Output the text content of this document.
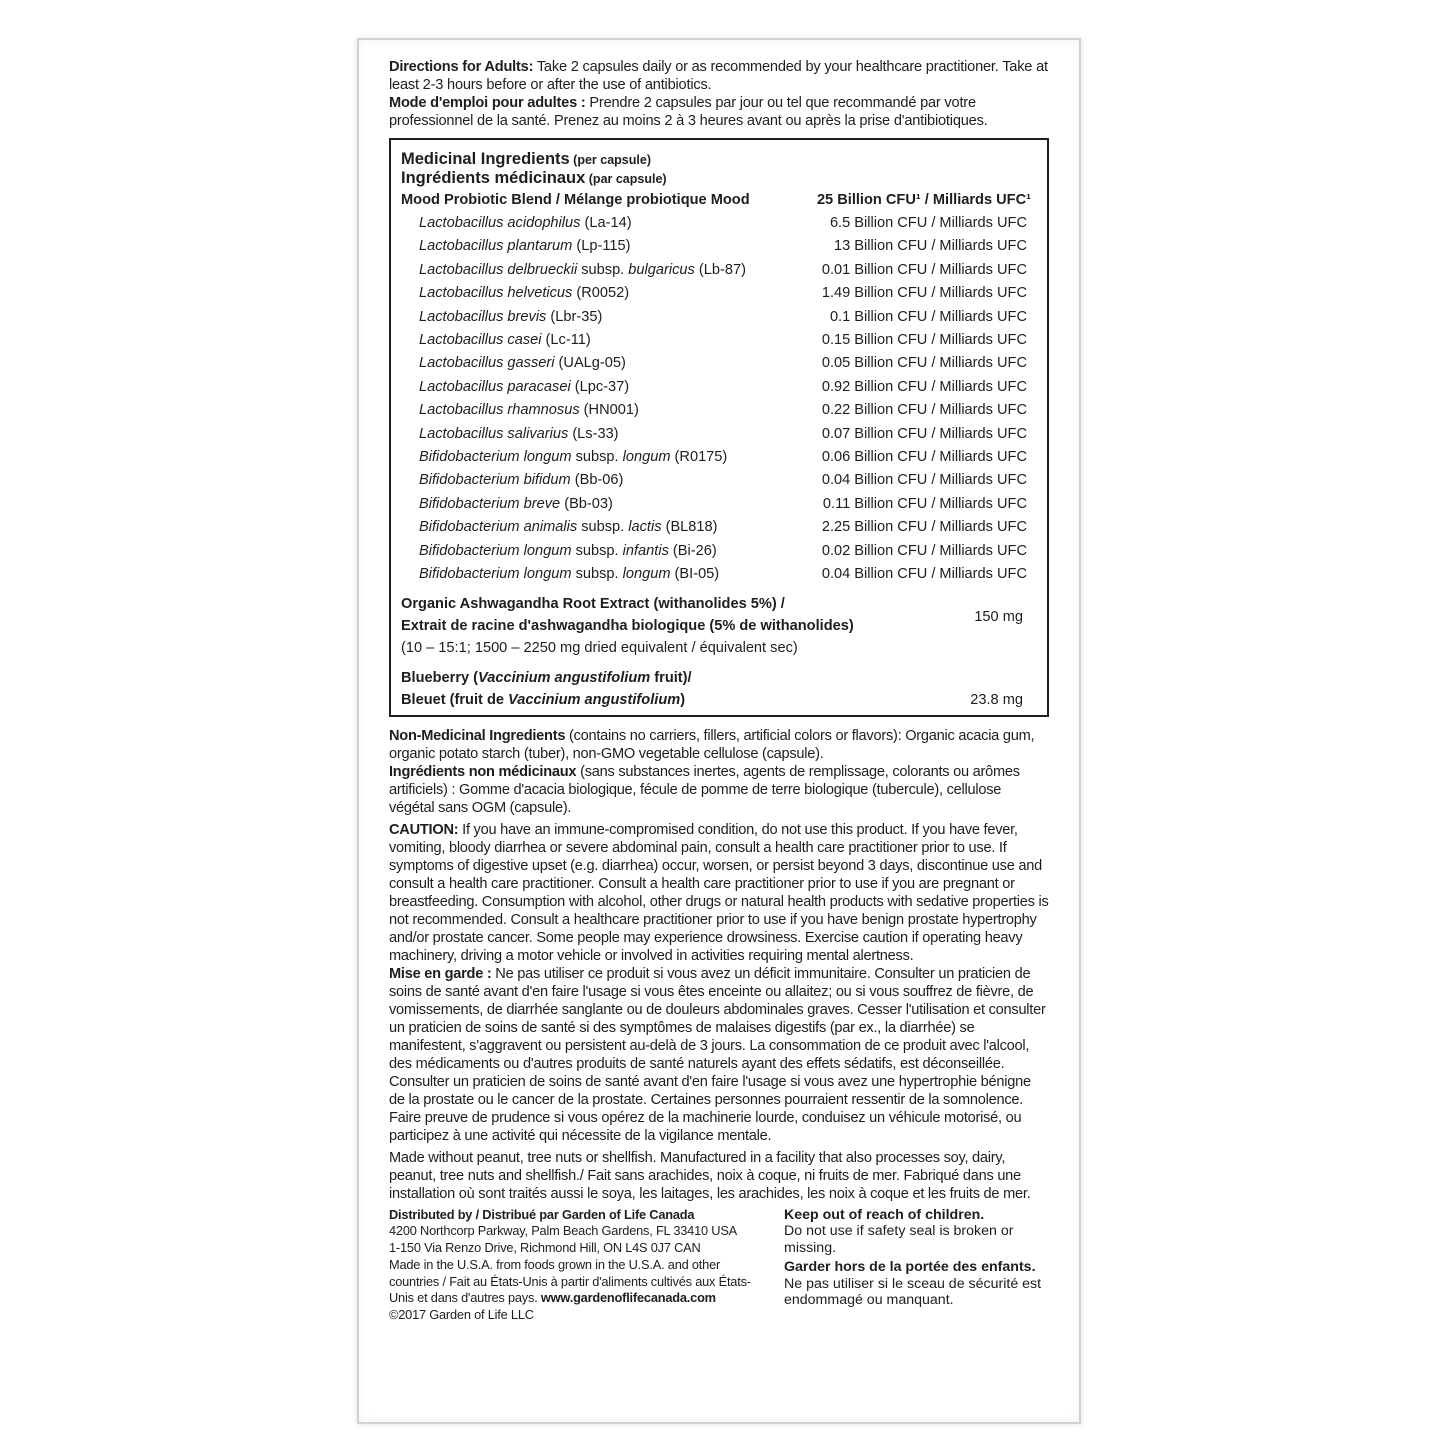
Directions for Adults: Take 2 capsules daily or as recommended by your healthcare practitioner. Take at least 2-3 hours before or after the use of antibiotics.

Mode d'emploi pour adultes : Prendre 2 capsules par jour ou tel que recommandé par votre professionnel de la santé. Prenez au moins 2 à 3 heures avant ou après la prise d'antibiotiques.

Medicinal Ingredients (per capsule)
Ingrédients médicinaux (par capsule)
Mood Probiotic Blend / Mélange probiotique Mood	25 Billion CFU¹ / Milliards UFC¹
Lactobacillus acidophilus (La-14)	6.5 Billion CFU / Milliards UFC
Lactobacillus plantarum (Lp-115)	13 Billion CFU / Milliards UFC
Lactobacillus delbrueckii subsp. bulgaricus (Lb-87)	0.01 Billion CFU / Milliards UFC
Lactobacillus helveticus (R0052)	1.49 Billion CFU / Milliards UFC
Lactobacillus brevis (Lbr-35)	0.1 Billion CFU / Milliards UFC
Lactobacillus casei (Lc-11)	0.15 Billion CFU / Milliards UFC
Lactobacillus gasseri (UALg-05)	0.05 Billion CFU / Milliards UFC
Lactobacillus paracasei (Lpc-37)	0.92 Billion CFU / Milliards UFC
Lactobacillus rhamnosus (HN001)	0.22 Billion CFU / Milliards UFC
Lactobacillus salivarius (Ls-33)	0.07 Billion CFU / Milliards UFC
Bifidobacterium longum subsp. longum (R0175)	0.06 Billion CFU / Milliards UFC
Bifidobacterium bifidum (Bb-06)	0.04 Billion CFU / Milliards UFC
Bifidobacterium breve (Bb-03)	0.11 Billion CFU / Milliards UFC
Bifidobacterium animalis subsp. lactis (BL818)	2.25 Billion CFU / Milliards UFC
Bifidobacterium longum subsp. infantis (Bi-26)	0.02 Billion CFU / Milliards UFC
Bifidobacterium longum subsp. longum (BI-05)	0.04 Billion CFU / Milliards UFC
Organic Ashwagandha Root Extract (withanolides 5%) /
Extrait de racine d'ashwagandha biologique (5% de withanolides)
(10 – 15:1; 1500 – 2250 mg dried equivalent / équivalent sec)
150 mg
Blueberry (Vaccinium angustifolium fruit)/
Bleuet (fruit de Vaccinium angustifolium)	23.8 mg

Non-Medicinal Ingredients (contains no carriers, fillers, artificial colors or flavors): Organic acacia gum, organic potato starch (tuber), non-GMO vegetable cellulose (capsule).

Ingrédients non médicinaux (sans substances inertes, agents de remplissage, colorants ou arômes artificiels) : Gomme d'acacia biologique, fécule de pomme de terre biologique (tubercule), cellulose végétal sans OGM (capsule).

CAUTION: If you have an immune-compromised condition, do not use this product. If you have fever, vomiting, bloody diarrhea or severe abdominal pain, consult a health care practitioner prior to use. If symptoms of digestive upset (e.g. diarrhea) occur, worsen, or persist beyond 3 days, discontinue use and consult a health care practitioner. Consult a health care practitioner prior to use if you are pregnant or breastfeeding. Consumption with alcohol, other drugs or natural health products with sedative properties is not recommended. Consult a healthcare practitioner prior to use if you have benign prostate hypertrophy and/or prostate cancer. Some people may experience drowsiness. Exercise caution if operating heavy machinery, driving a motor vehicle or involved in activities requiring mental alertness.

Mise en garde : Ne pas utiliser ce produit si vous avez un déficit immunitaire. Consulter un praticien de soins de santé avant d'en faire l'usage si vous êtes enceinte ou allaitez; ou si vous souffrez de fièvre, de vomissements, de diarrhée sanglante ou de douleurs abdominales graves. Cesser l'utilisation et consulter un praticien de soins de santé si des symptômes de malaises digestifs (par ex., la diarrhée) se manifestent, s'aggravent ou persistent au-delà de 3 jours. La consommation de ce produit avec l'alcool, des médicaments ou d'autres produits de santé naturels ayant des effets sédatifs, est déconseillée. Consulter un praticien de soins de santé avant d'en faire l'usage si vous avez une hypertrophie bénigne de la prostate ou le cancer de la prostate. Certaines personnes pourraient ressentir de la somnolence. Faire preuve de prudence si vous opérez de la machinerie lourde, conduisez un véhicule motorisé, ou participez à une activité qui nécessite de la vigilance mentale.

Made without peanut, tree nuts or shellfish. Manufactured in a facility that also processes soy, dairy, peanut, tree nuts and shellfish./ Fait sans arachides, noix à coque, ni fruits de mer. Fabriqué dans une installation où sont traités aussi le soya, les laitages, les arachides, les noix à coque et les fruits de mer.

Distributed by / Distribué par Garden of Life Canada

4200 Northcorp Parkway, Palm Beach Gardens, FL 33410 USA

1-150 Via Renzo Drive, Richmond Hill, ON L4S 0J7 CAN

Made in the U.S.A. from foods grown in the U.S.A. and other countries / Fait au États-Unis à partir d'aliments cultivés aux États-Unis et dans d'autres pays. www.gardenoflifecanada.com

©2017 Garden of Life LLC

Keep out of reach of children.

Do not use if safety seal is broken or missing.

Garder hors de la portée des enfants.

Ne pas utiliser si le sceau de sécurité est endommagé ou manquant.
